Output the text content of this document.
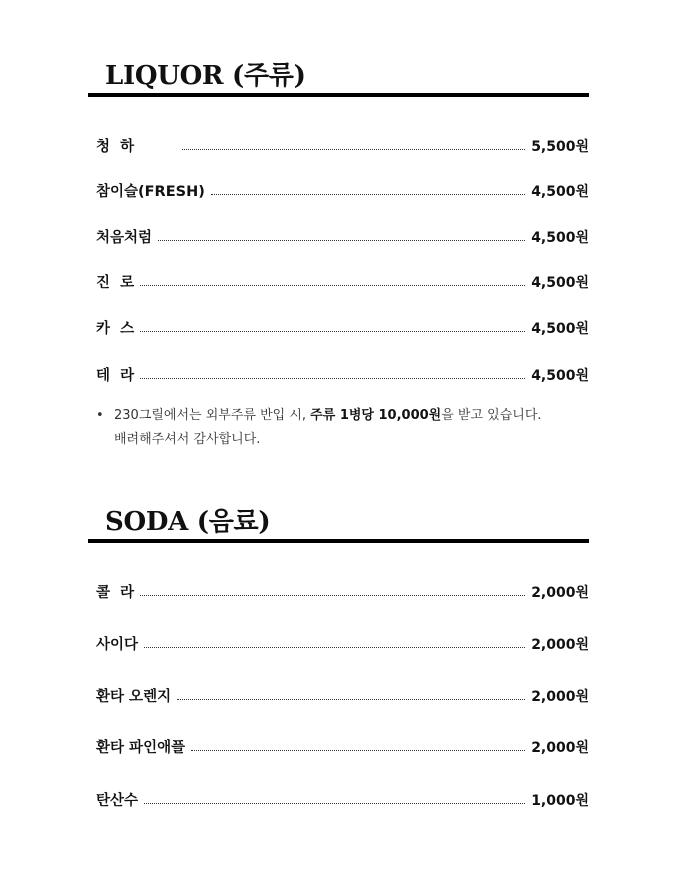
LIQUOR (주류)
청  하	5,500원
참이슬(FRESH)	4,500원
처음처럼	4,500원
진  로	4,500원
카  스	4,500원
테  라	4,500원
• 230그릴에서는 외부주류 반입 시, 주류 1병당 10,000원을 받고 있습니다.
배려해주셔서 감사합니다.
SODA (음료)
콜  라	2,000원
사이다	2,000원
환타 오렌지	2,000원
환타 파인애플	2,000원
탄산수	1,000원
